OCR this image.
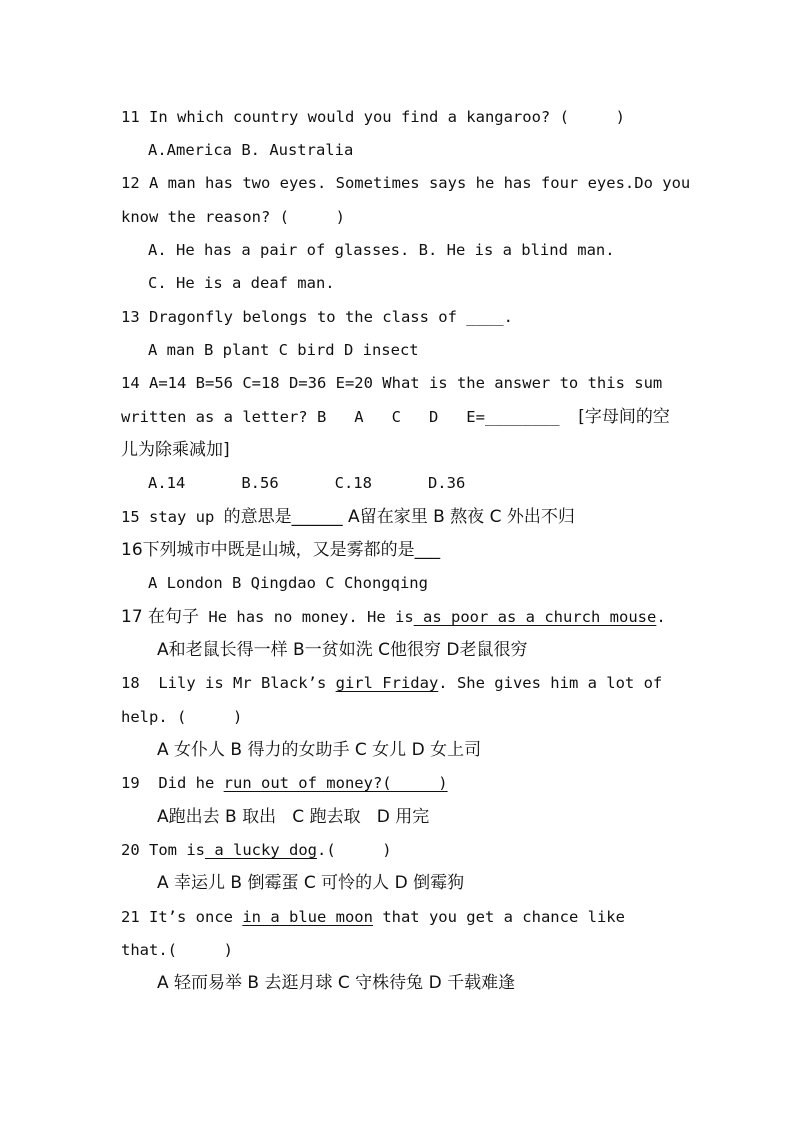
11 In which country would you find a kangaroo? (     )
A.America B. Australia
12 A man has two eyes. Sometimes says he has four eyes.Do you
know the reason? (     )
A. He has a pair of glasses. B. He is a blind man.
C. He is a deaf man.
13 Dragonfly belongs to the class of ____.
A man B plant C bird D insect
14 A=14 B=56 C=18 D=36 E=20 What is the answer to this sum
written as a letter? B   A   C   D   E=________  [字母间的空
儿为除乘减加]
A.14      B.56      C.18      D.36
15 stay up 的意思是______ A留在家里 B 熬夜 C 外出不归
16下列城市中既是山城，又是雾都的是___
A London B Qingdao C Chongqing
17 在句子 He has no money. He is as poor as a church mouse.
A和老鼠长得一样 B一贫如洗 C他很穷 D老鼠很穷
18  Lily is Mr Black’s girl Friday. She gives him a lot of
help. (     )
A 女仆人 B 得力的女助手 C 女儿 D 女上司
19  Did he run out of money?(     )
A跑出去 B 取出   C 跑去取   D 用完
20 Tom is a lucky dog.(     )
A 幸运儿 B 倒霉蛋 C 可怜的人 D 倒霉狗
21 It’s once in a blue moon that you get a chance like
that.(     )
A 轻而易举 B 去逛月球 C 守株待兔 D 千载难逢
